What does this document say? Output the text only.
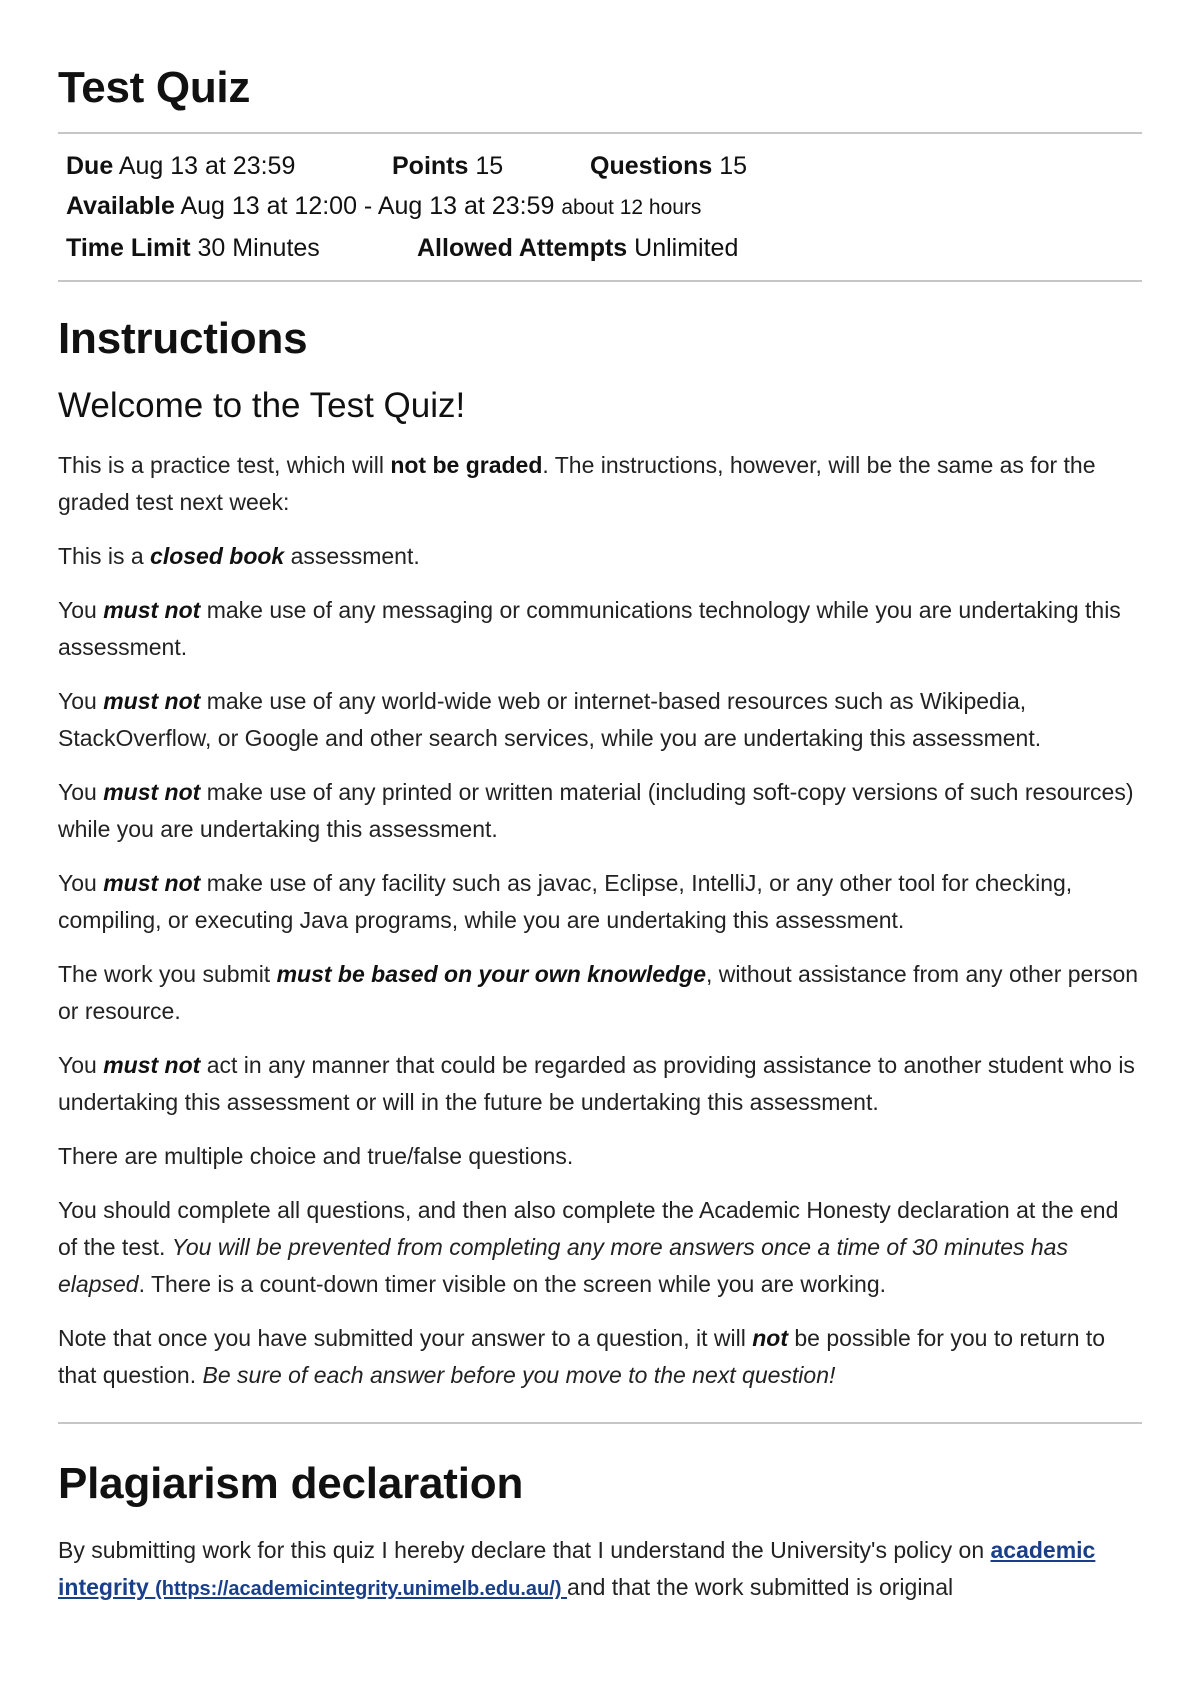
Test Quiz
Due Aug 13 at 23:59	Points 15	Questions 15
Available Aug 13 at 12:00 - Aug 13 at 23:59 about 12 hours
Time Limit 30 Minutes	Allowed Attempts Unlimited
Instructions
Welcome to the Test Quiz!

This is a practice test, which will not be graded. The instructions, however, will be the same as for the graded test next week:

This is a closed book assessment.

You must not make use of any messaging or communications technology while you are undertaking this assessment.

You must not make use of any world-wide web or internet-based resources such as Wikipedia, StackOverflow, or Google and other search services, while you are undertaking this assessment.

You must not make use of any printed or written material (including soft-copy versions of such resources) while you are undertaking this assessment.

You must not make use of any facility such as javac, Eclipse, IntelliJ, or any other tool for checking, compiling, or executing Java programs, while you are undertaking this assessment.

The work you submit must be based on your own knowledge, without assistance from any other person or resource.

You must not act in any manner that could be regarded as providing assistance to another student who is undertaking this assessment or will in the future be undertaking this assessment.

There are multiple choice and true/false questions.

You should complete all questions, and then also complete the Academic Honesty declaration at the end of the test. You will be prevented from completing any more answers once a time of 30 minutes has elapsed. There is a count-down timer visible on the screen while you are working.

Note that once you have submitted your answer to a question, it will not be possible for you to return to that question. Be sure of each answer before you move to the next question!

Plagiarism declaration

By submitting work for this quiz I hereby declare that I understand the University's policy on academic integrity (https://academicintegrity.unimelb.edu.au/) and that the work submitted is original
